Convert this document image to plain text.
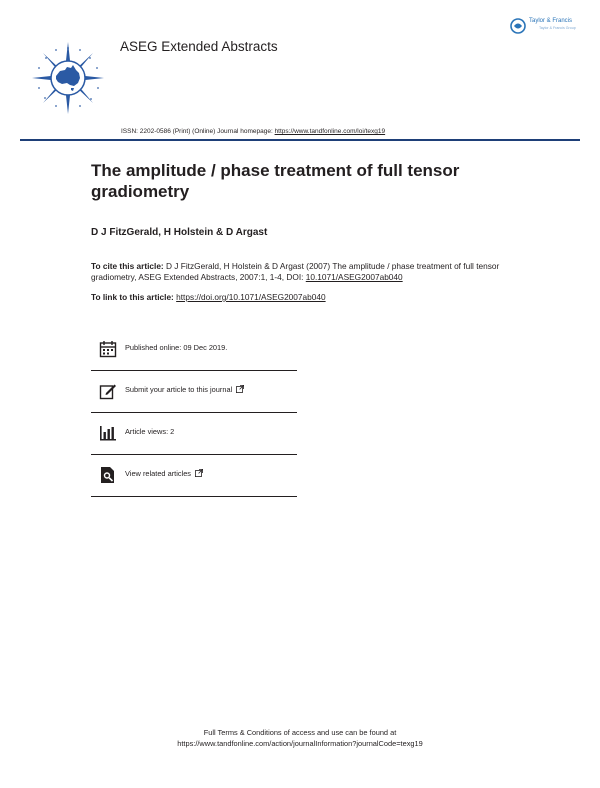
ASEG Extended Abstracts
Taylor & Francis
Taylor & Francis Group
ISSN: 2202-0586 (Print) (Online) Journal homepage: https://www.tandfonline.com/loi/texg19
The amplitude / phase treatment of full tensor gradiometry
D J FitzGerald, H Holstein & D Argast
To cite this article: D J FitzGerald, H Holstein & D Argast (2007) The amplitude / phase treatment of full tensor gradiometry, ASEG Extended Abstracts, 2007:1, 1-4, DOI: 10.1071/ASEG2007ab040
To link to this article: https://doi.org/10.1071/ASEG2007ab040
Published online: 09 Dec 2019.
Submit your article to this journal
Article views: 2
View related articles
Full Terms & Conditions of access and use can be found at
https://www.tandfonline.com/action/journalInformation?journalCode=texg19
